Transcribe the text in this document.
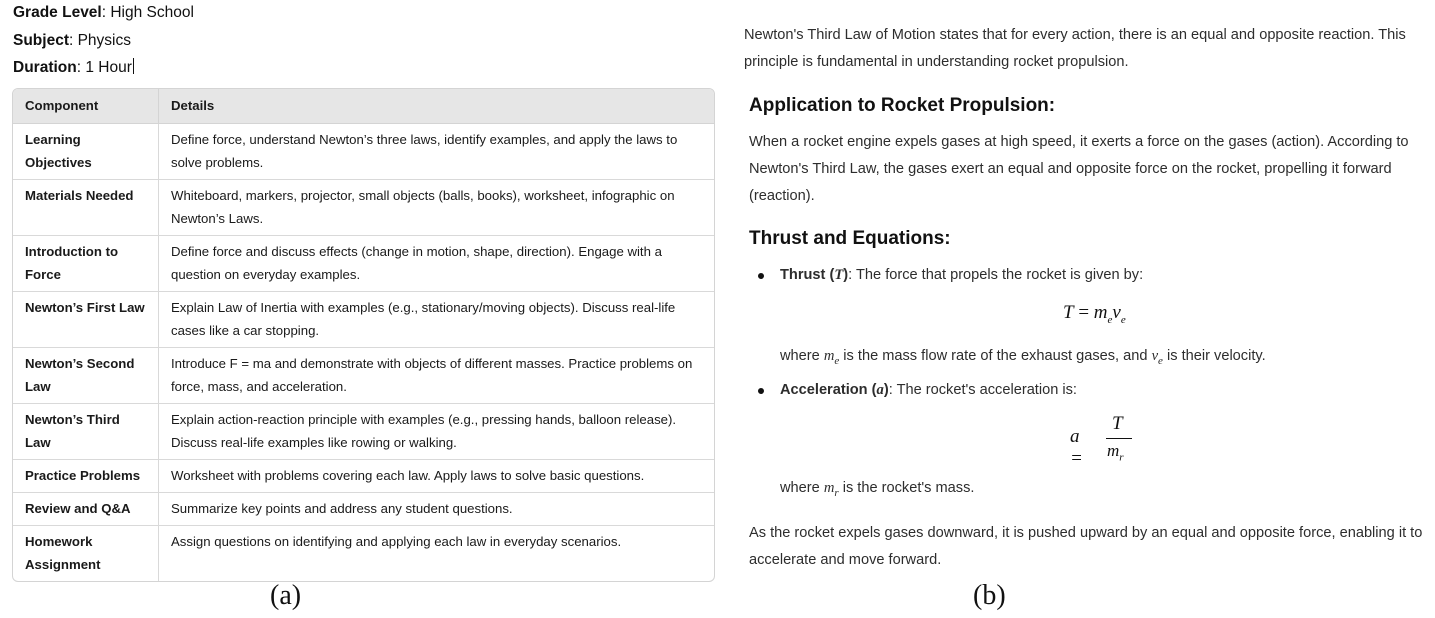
Grade Level: High School
Subject: Physics
Duration: 1 Hour
Component	Details
Learning Objectives	Define force, understand Newton’s three laws, identify examples, and apply the laws to solve problems.
Materials Needed	Whiteboard, markers, projector, small objects (balls, books), worksheet, infographic on Newton’s Laws.
Introduction to Force	Define force and discuss effects (change in motion, shape, direction). Engage with a question on everyday examples.
Newton’s First Law	Explain Law of Inertia with examples (e.g., stationary/moving objects). Discuss real-life cases like a car stopping.
Newton’s Second Law	Introduce F = ma and demonstrate with objects of different masses. Practice problems on force, mass, and acceleration.
Newton’s Third Law	Explain action-reaction principle with examples (e.g., pressing hands, balloon release). Discuss real-life examples like rowing or walking.
Practice Problems	Worksheet with problems covering each law. Apply laws to solve basic questions.
Review and Q&A	Summarize key points and address any student questions.
Homework Assignment	Assign questions on identifying and applying each law in everyday scenarios.
(a)
Newton's Third Law of Motion states that for every action, there is an equal and opposite reaction. This principle is fundamental in understanding rocket propulsion.
Application to Rocket Propulsion:
When a rocket engine expels gases at high speed, it exerts a force on the gases (action). According to Newton's Third Law, the gases exert an equal and opposite force on the rocket, propelling it forward (reaction).
Thrust and Equations:
Thrust (T): The force that propels the rocket is given by:
$T = m_ev_e$
where $m_e$ is the mass flow rate of the exhaust gases, and $v_e$ is their velocity.
Acceleration (a): The rocket's acceleration is:
a =
T
$m_r$
where $m_r$ is the rocket's mass.
As the rocket expels gases downward, it is pushed upward by an equal and opposite force, enabling it to accelerate and move forward.
(b)
